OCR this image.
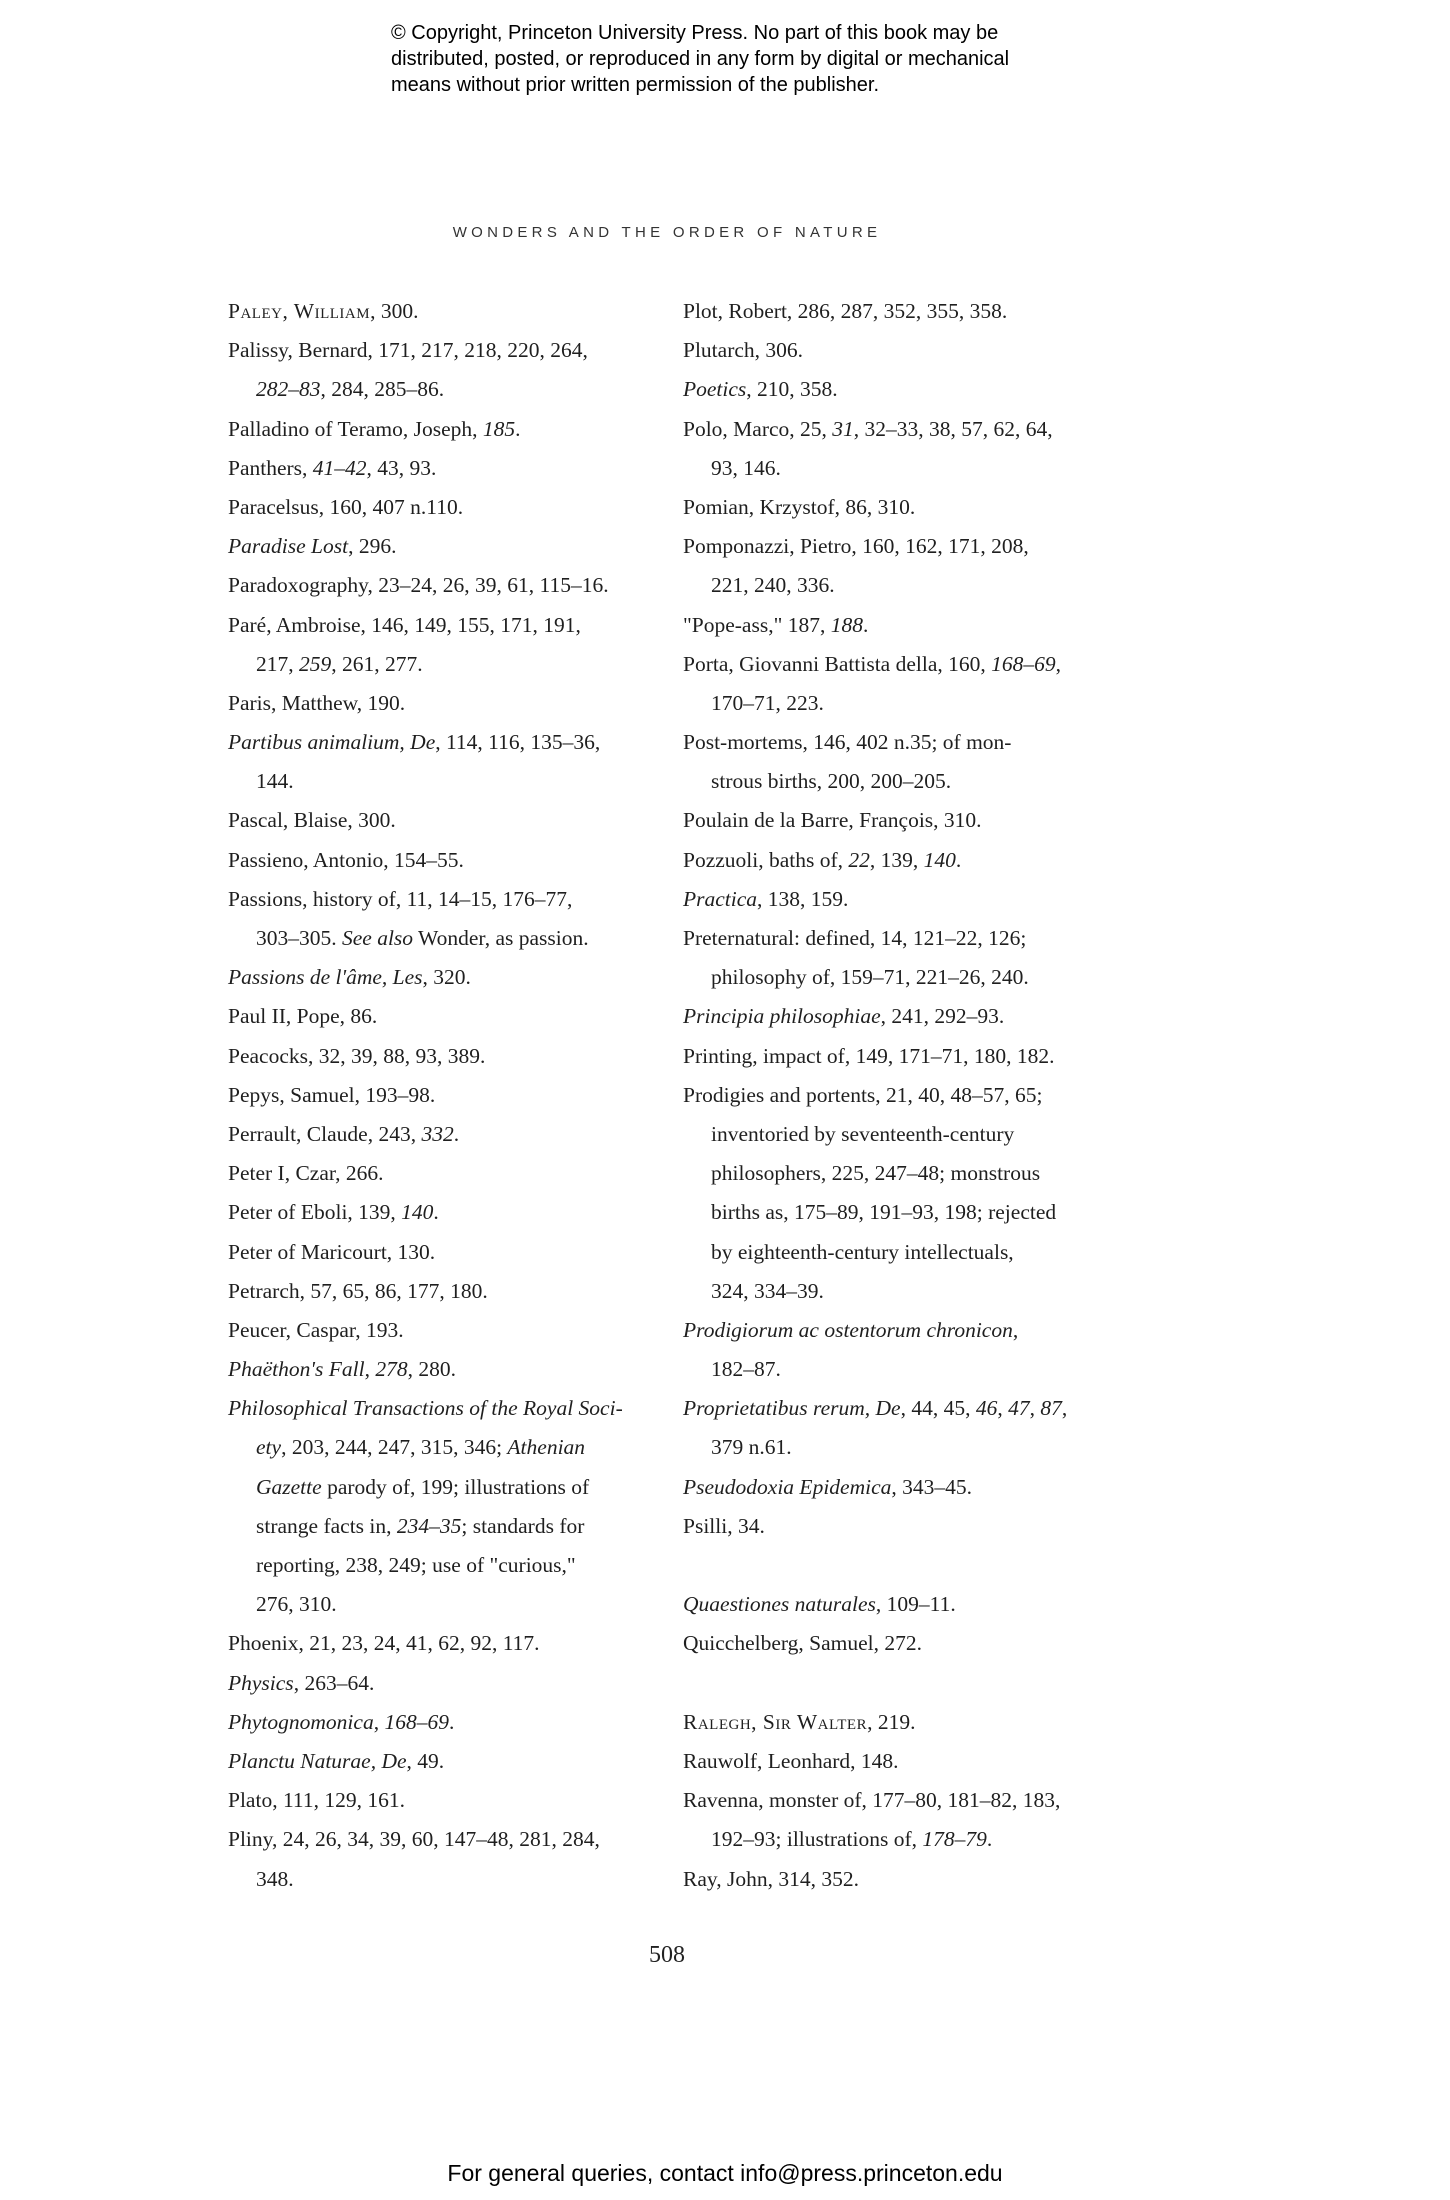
© Copyright, Princeton University Press. No part of this book may be
distributed, posted, or reproduced in any form by digital or mechanical
means without prior written permission of the publisher.
WONDERS AND THE ORDER OF NATURE
Paley, William, 300.
Palissy, Bernard, 171, 217, 218, 220, 264,
282–83, 284, 285–86.
Palladino of Teramo, Joseph, 185.
Panthers, 41–42, 43, 93.
Paracelsus, 160, 407 n.110.
Paradise Lost, 296.
Paradoxography, 23–24, 26, 39, 61, 115–16.
Paré, Ambroise, 146, 149, 155, 171, 191,
217, 259, 261, 277.
Paris, Matthew, 190.
Partibus animalium, De, 114, 116, 135–36,
144.
Pascal, Blaise, 300.
Passieno, Antonio, 154–55.
Passions, history of, 11, 14–15, 176–77,
303–305. See also Wonder, as passion.
Passions de l'âme, Les, 320.
Paul II, Pope, 86.
Peacocks, 32, 39, 88, 93, 389.
Pepys, Samuel, 193–98.
Perrault, Claude, 243, 332.
Peter I, Czar, 266.
Peter of Eboli, 139, 140.
Peter of Maricourt, 130.
Petrarch, 57, 65, 86, 177, 180.
Peucer, Caspar, 193.
Phaëthon's Fall, 278, 280.
Philosophical Transactions of the Royal Soci-
ety, 203, 244, 247, 315, 346; Athenian
Gazette parody of, 199; illustrations of
strange facts in, 234–35; standards for
reporting, 238, 249; use of "curious,"
276, 310.
Phoenix, 21, 23, 24, 41, 62, 92, 117.
Physics, 263–64.
Phytognomonica, 168–69.
Planctu Naturae, De, 49.
Plato, 111, 129, 161.
Pliny, 24, 26, 34, 39, 60, 147–48, 281, 284,
348.
Plot, Robert, 286, 287, 352, 355, 358.
Plutarch, 306.
Poetics, 210, 358.
Polo, Marco, 25, 31, 32–33, 38, 57, 62, 64,
93, 146.
Pomian, Krzystof, 86, 310.
Pomponazzi, Pietro, 160, 162, 171, 208,
221, 240, 336.
"Pope-ass," 187, 188.
Porta, Giovanni Battista della, 160, 168–69,
170–71, 223.
Post-mortems, 146, 402 n.35; of mon-
strous births, 200, 200–205.
Poulain de la Barre, François, 310.
Pozzuoli, baths of, 22, 139, 140.
Practica, 138, 159.
Preternatural: defined, 14, 121–22, 126;
philosophy of, 159–71, 221–26, 240.
Principia philosophiae, 241, 292–93.
Printing, impact of, 149, 171–71, 180, 182.
Prodigies and portents, 21, 40, 48–57, 65;
inventoried by seventeenth-century
philosophers, 225, 247–48; monstrous
births as, 175–89, 191–93, 198; rejected
by eighteenth-century intellectuals,
324, 334–39.
Prodigiorum ac ostentorum chronicon,
182–87.
Proprietatibus rerum, De, 44, 45, 46, 47, 87,
379 n.61.
Pseudodoxia Epidemica, 343–45.
Psilli, 34.
Quaestiones naturales, 109–11.
Quicchelberg, Samuel, 272.
Ralegh, Sir Walter, 219.
Rauwolf, Leonhard, 148.
Ravenna, monster of, 177–80, 181–82, 183,
192–93; illustrations of, 178–79.
Ray, John, 314, 352.
508
For general queries, contact info@press.princeton.edu
